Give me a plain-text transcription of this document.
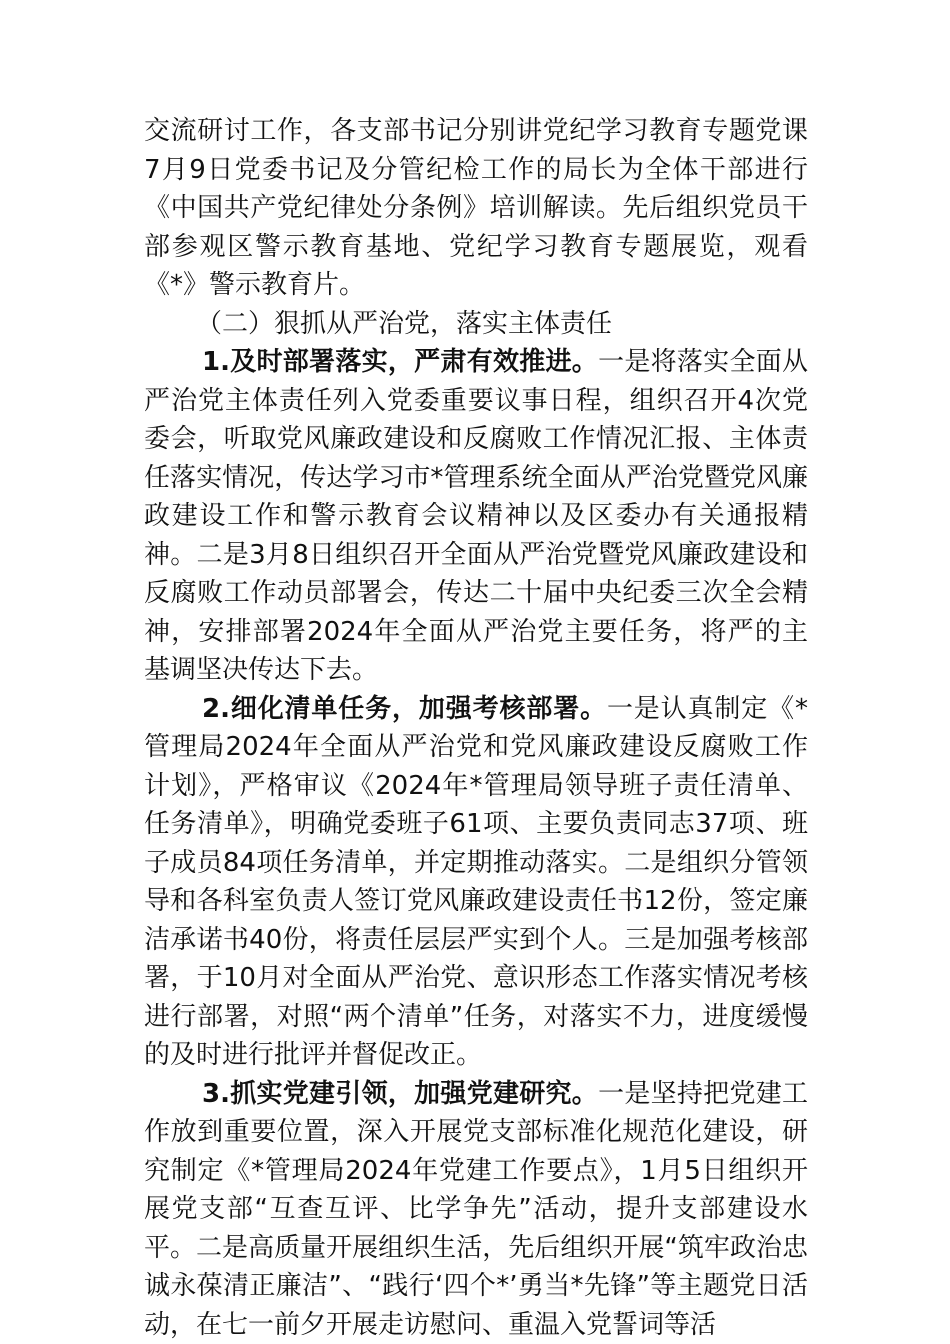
交流研讨工作，各支部书记分别讲党纪学习教育专题党课7月9日党委书记及分管纪检工作的局长为全体干部进行《中国共产党纪律处分条例》培训解读。先后组织党员干部参观区警示教育基地、党纪学习教育专题展览，观看《*》警示教育片。

（二）狠抓从严治党，落实主体责任

1.及时部署落实，严肃有效推进。一是将落实全面从严治党主体责任列入党委重要议事日程，组织召开4次党委会，听取党风廉政建设和反腐败工作情况汇报、主体责任落实情况，传达学习市*管理系统全面从严治党暨党风廉政建设工作和警示教育会议精神以及区委办有关通报精神。二是3月8日组织召开全面从严治党暨党风廉政建设和反腐败工作动员部署会，传达二十届中央纪委三次全会精神，安排部署2024年全面从严治党主要任务，将严的主基调坚决传达下去。

2.细化清单任务，加强考核部署。一是认真制定《*管理局2024年全面从严治党和党风廉政建设反腐败工作计划》，严格审议《2024年*管理局领导班子责任清单、任务清单》，明确党委班子61项、主要负责同志37项、班子成员84项任务清单，并定期推动落实。二是组织分管领导和各科室负责人签订党风廉政建设责任书12份，签定廉洁承诺书40份，将责任层层严实到个人。三是加强考核部署，于10月对全面从严治党、意识形态工作落实情况考核进行部署，对照“两个清单”任务，对落实不力，进度缓慢的及时进行批评并督促改正。

3.抓实党建引领，加强党建研究。一是坚持把党建工作放到重要位置，深入开展党支部标准化规范化建设，研究制定《*管理局2024年党建工作要点》，1月5日组织开展党支部“互查互评、比学争先”活动，提升支部建设水平。二是高质量开展组织生活，先后组织开展“筑牢政治忠诚永葆清正廉洁”、“践行‘四个*’勇当*先锋”等主题党日活动，在七一前夕开展走访慰问、重温入党誓词等活
